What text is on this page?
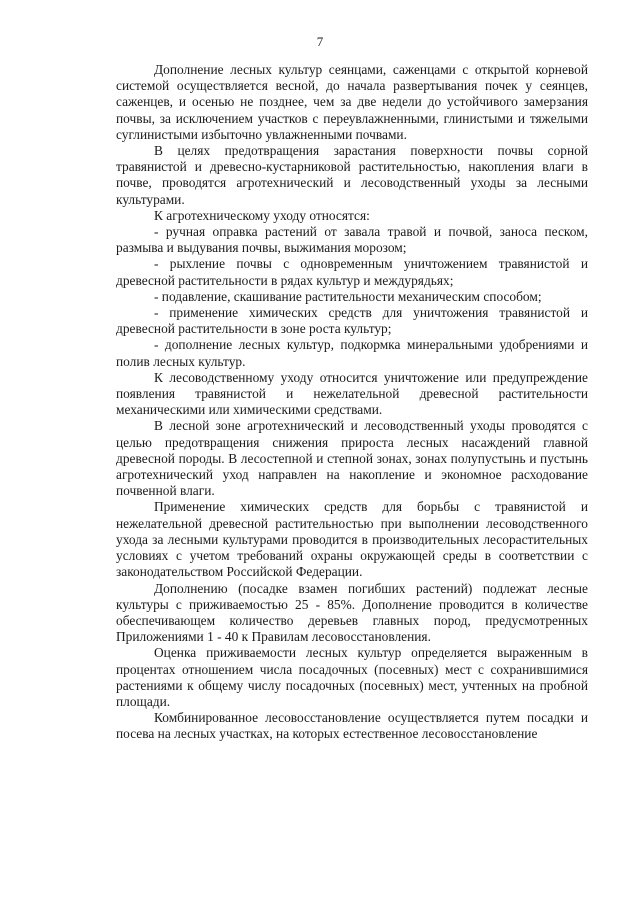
7

Дополнение лесных культур сеянцами, саженцами с открытой корневой системой осуществляется весной, до начала развертывания почек у сеянцев, саженцев, и осенью не позднее, чем за две недели до устойчивого замерзания почвы, за исключением участков с переувлажненными, глинистыми и тяжелыми суглинистыми избыточно увлажненными почвами.

В целях предотвращения зарастания поверхности почвы сорной травянистой и древесно-кустарниковой растительностью, накопления влаги в почве, проводятся агротехнический и лесоводственный уходы за лесными культурами.

К агротехническому уходу относятся:

- ручная оправка растений от завала травой и почвой, заноса песком, размыва и выдувания почвы, выжимания морозом;

- рыхление почвы с одновременным уничтожением травянистой и древесной растительности в рядах культур и междурядьях;

- подавление, скашивание растительности механическим способом;

- применение химических средств для уничтожения травянистой и древесной растительности в зоне роста культур;

- дополнение лесных культур, подкормка минеральными удобрениями и полив лесных культур.

К лесоводственному уходу относится уничтожение или предупреждение появления травянистой и нежелательной древесной растительности механическими или химическими средствами.

В лесной зоне агротехнический и лесоводственный уходы проводятся с целью предотвращения снижения прироста лесных насаждений главной древесной породы. В лесостепной и степной зонах, зонах полупустынь и пустынь агротехнический уход направлен на накопление и экономное расходование почвенной влаги.

Применение химических средств для борьбы с травянистой и нежелательной древесной растительностью при выполнении лесоводственного ухода за лесными культурами проводится в производительных лесорастительных условиях с учетом требований охраны окружающей среды в соответствии с законодательством Российской Федерации.

Дополнению (посадке взамен погибших растений) подлежат лесные культуры с приживаемостью 25 - 85%. Дополнение проводится в количестве обеспечивающем количество деревьев главных пород, предусмотренных Приложениями 1 - 40 к Правилам лесовосстановления.

Оценка приживаемости лесных культур определяется выраженным в процентах отношением числа посадочных (посевных) мест с сохранившимися растениями к общему числу посадочных (посевных) мест, учтенных на пробной площади.

Комбинированное лесовосстановление осуществляется путем посадки и посева на лесных участках, на которых естественное лесовосстановление
